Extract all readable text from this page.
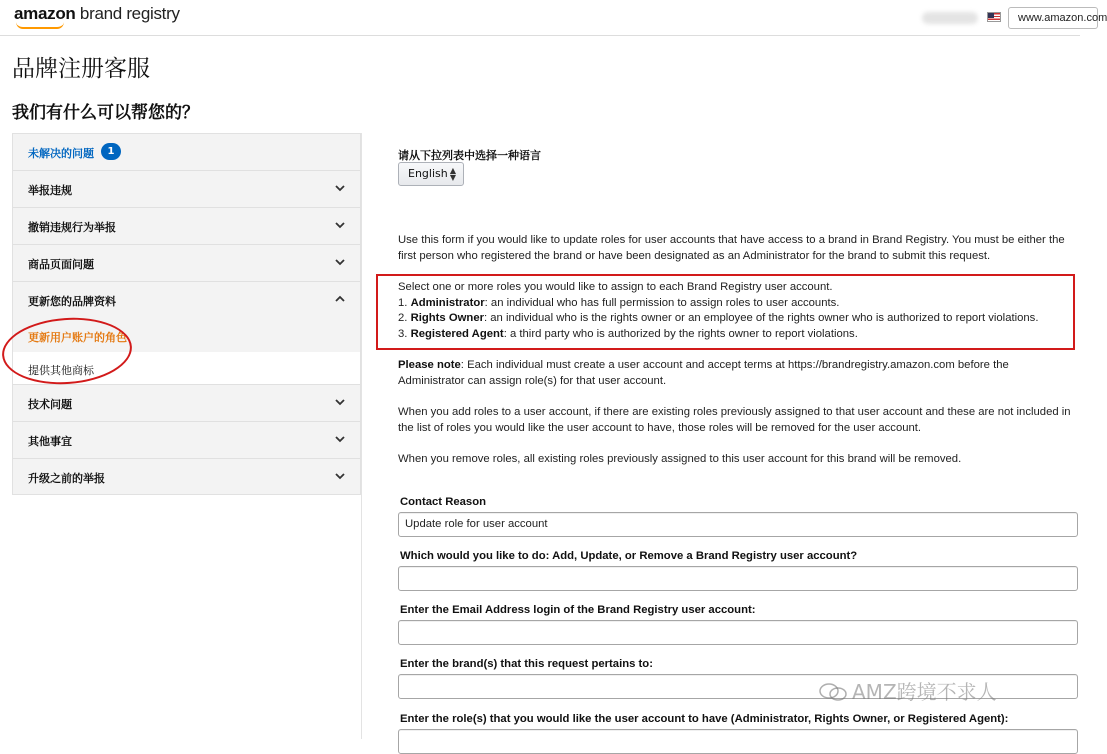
amazon brand registry	www.amazon.com
品牌注册客服
我们有什么可以帮您的？
未解决的问题	1
举报违规
撤销违规行为举报
商品页面问题
更新您的品牌资料
更新用户账户的角色
提供其他商标
技术问题
其他事宜
升级之前的举报
请从下拉列表中选择一种语言
English ▲
▼

Use this form if you would like to update roles for user accounts that have access to a brand in Brand Registry. You must be either the first person who registered the brand or have been designated as an Administrator for the brand to submit this request.

Select one or more roles you would like to assign to each Brand Registry user account.
1. Administrator: an individual who has full permission to assign roles to user accounts.
2. Rights Owner: an individual who is the rights owner or an employee of the rights owner who is authorized to report violations.
3. Registered Agent: a third party who is authorized by the rights owner to report violations.

Please note: Each individual must create a user account and accept terms at https://brandregistry.amazon.com before the Administrator can assign role(s) for that user account.

When you add roles to a user account, if there are existing roles previously assigned to that user account and these are not included in the list of roles you would like the user account to have, those roles will be removed for the user account.

When you remove roles, all existing roles previously assigned to this user account for this brand will be removed.

Contact Reason
Update role for user account
Which would you like to do: Add, Update, or Remove a Brand Registry user account?
Enter the Email Address login of the Brand Registry user account:
Enter the brand(s) that this request pertains to:
Enter the role(s) that you would like the user account to have (Administrator, Rights Owner, or Registered Agent):
AMZ跨境不求人
